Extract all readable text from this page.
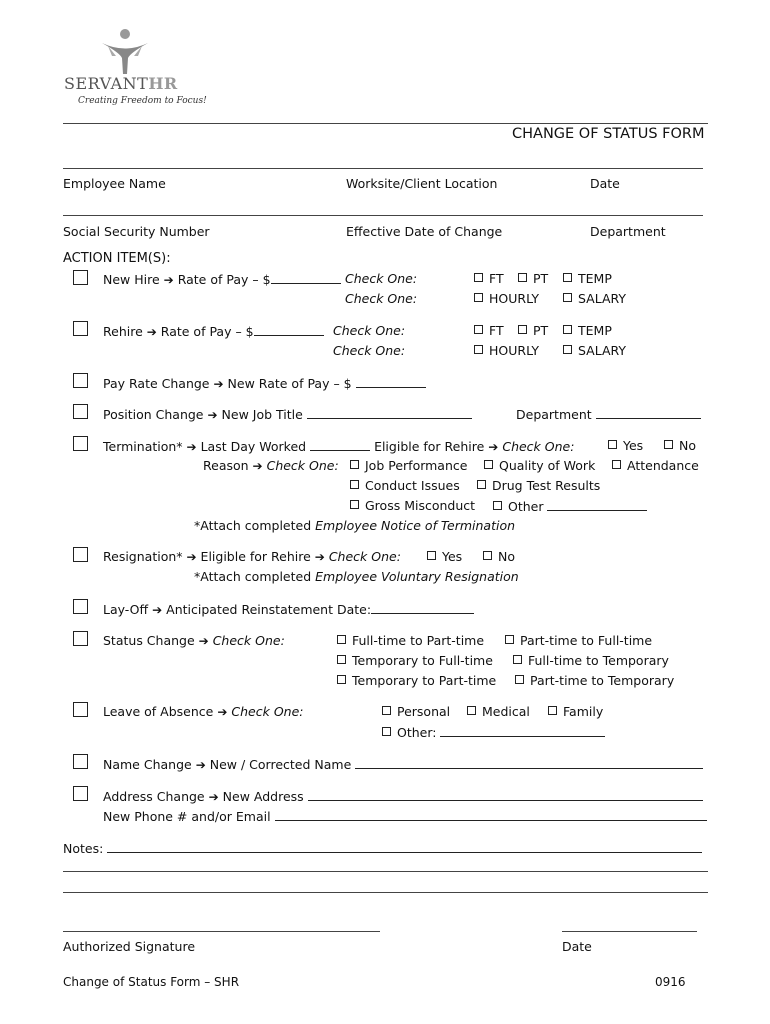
SERVANTHR
Creating Freedom to Focus!
CHANGE OF STATUS FORM
Employee Name	Worksite/Client Location	Date
Social Security Number	Effective Date of Change	Department
ACTION ITEM(S):
New Hire ➔ Rate of Pay – $	Check One:	FT	PT	TEMP
Check One:	HOURLY	SALARY
Rehire ➔ Rate of Pay – $	Check One:	FT	PT	TEMP
Check One:	HOURLY	SALARY
Pay Rate Change ➔ New Rate of Pay – $
Position Change ➔ New Job Title	Department
Termination* ➔ Last Day Worked	Eligible for Rehire ➔ Check One:	Yes	No
Reason ➔ Check One:	Job Performance	Quality of Work	Attendance
Conduct Issues	Drug Test Results
Gross Misconduct	Other
*Attach completed Employee Notice of Termination
Resignation* ➔ Eligible for Rehire ➔ Check One:	Yes	No
*Attach completed Employee Voluntary Resignation
Lay-Off ➔ Anticipated Reinstatement Date:
Status Change ➔ Check One:	Full-time to Part-time	Part-time to Full-time
Temporary to Full-time	Full-time to Temporary
Temporary to Part-time	Part-time to Temporary
Leave of Absence ➔ Check One:	Personal	Medical	Family
Other:
Name Change ➔ New / Corrected Name
Address Change ➔ New Address
New Phone # and/or Email
Notes:
Authorized Signature	Date
Change of Status Form – SHR	0916
